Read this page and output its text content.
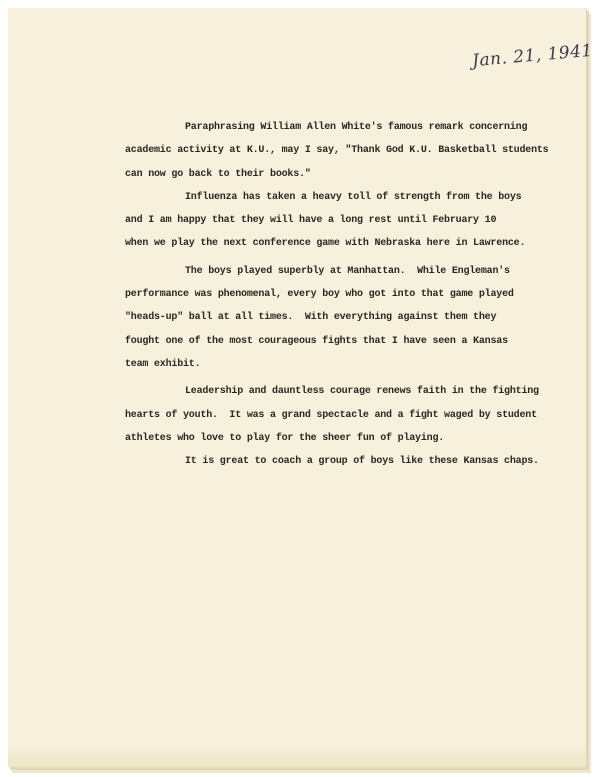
Jan. 21, 1941
Paraphrasing William Allen White's famous remark concerning
academic activity at K.U., may I say, "Thank God K.U. Basketball students
can now go back to their books."
Influenza has taken a heavy toll of strength from the boys
and I am happy that they will have a long rest until February 10
when we play the next conference game with Nebraska here in Lawrence.
The boys played superbly at Manhattan.  While Engleman's
performance was phenomenal, every boy who got into that game played
"heads-up" ball at all times.  With everything against them they
fought one of the most courageous fights that I have seen a Kansas
team exhibit.
Leadership and dauntless courage renews faith in the fighting
hearts of youth.  It was a grand spectacle and a fight waged by student
athletes who love to play for the sheer fun of playing.
It is great to coach a group of boys like these Kansas chaps.
